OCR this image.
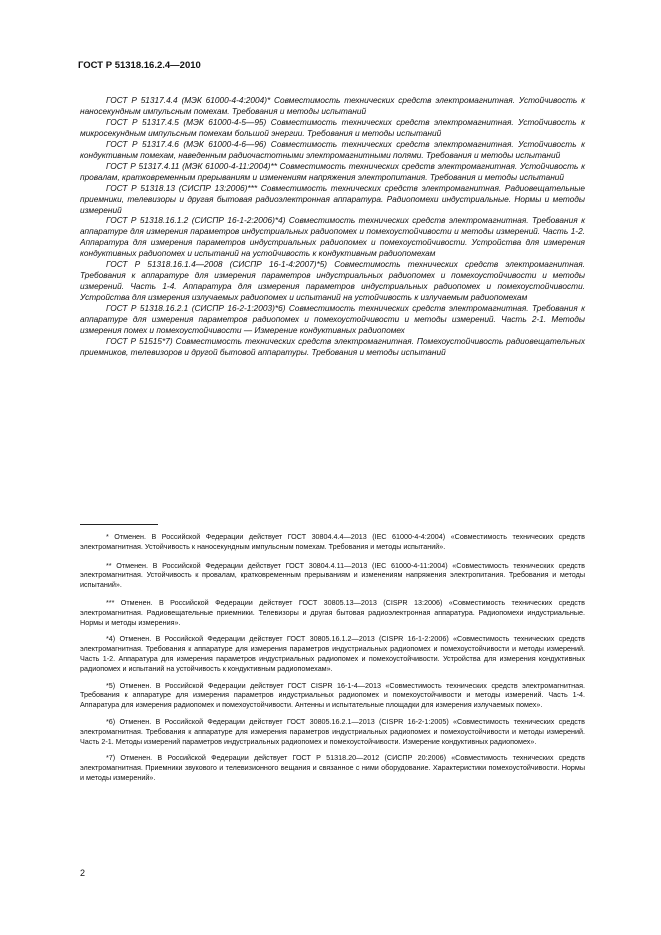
ГОСТ Р 51318.16.2.4—2010

ГОСТ Р 51317.4.4 (МЭК 61000-4-4:2004)* Совместимость технических средств электромагнитная. Устойчивость к наносекундным импульсным помехам. Требования и методы испытаний

ГОСТ Р 51317.4.5 (МЭК 61000-4-5—95) Совместимость технических средств электромагнитная. Устойчивость к микросекундным импульсным помехам большой энергии. Требования и методы испытаний

ГОСТ Р 51317.4.6 (МЭК 61000-4-6—96) Совместимость технических средств электромагнитная. Устойчивость к кондуктивным помехам, наведенным радиочастотными электромагнитными полями. Требования и методы испытаний

ГОСТ Р 51317.4.11 (МЭК 61000-4-11:2004)** Совместимость технических средств электромагнитная. Устойчивость к провалам, кратковременным прерываниям и изменениям напряжения электропитания. Требования и методы испытаний

ГОСТ Р 51318.13 (СИСПР 13:2006)*** Совместимость технических средств электромагнитная. Радиовещательные приемники, телевизоры и другая бытовая радиоэлектронная аппаратура. Радиопомехи индустриальные. Нормы и методы измерений

ГОСТ Р 51318.16.1.2 (СИСПР 16-1-2:2006)*4) Совместимость технических средств электромагнитная. Требования к аппаратуре для измерения параметров индустриальных радиопомех и помехоустойчивости и методы измерений. Часть 1-2. Аппаратура для измерения параметров индустриальных радиопомех и помехоустойчивости. Устройства для измерения кондуктивных радиопомех и испытаний на устойчивость к кондуктивным радиопомехам

ГОСТ Р 51318.16.1.4—2008 (СИСПР 16-1-4:2007)*5) Совместимость технических средств электромагнитная. Требования к аппаратуре для измерения параметров индустриальных радиопомех и помехоустойчивости и методы измерений. Часть 1-4. Аппаратура для измерения параметров индустриальных радиопомех и помехоустойчивости. Устройства для измерения излучаемых радиопомех и испытаний на устойчивость к излучаемым радиопомехам

ГОСТ Р 51318.16.2.1 (СИСПР 16-2-1:2003)*6) Совместимость технических средств электромагнитная. Требования к аппаратуре для измерения параметров радиопомех и помехоустойчивости и методы измерений. Часть 2-1. Методы измерения помех и помехоустойчивости — Измерение кондуктивных радиопомех

ГОСТ Р 51515*7) Совместимость технических средств электромагнитная. Помехоустойчивость радиовещательных приемников, телевизоров и другой бытовой аппаратуры. Требования и методы испытаний

* Отменен. В Российской Федерации действует ГОСТ 30804.4.4—2013 (IEC 61000-4-4:2004) «Совместимость технических средств электромагнитная. Устойчивость к наносекундным импульсным помехам. Требования и методы испытаний».

** Отменен. В Российской Федерации действует ГОСТ 30804.4.11—2013 (IEC 61000-4-11:2004) «Совместимость технических средств электромагнитная. Устойчивость к провалам, кратковременным прерываниям и изменениям напряжения электропитания. Требования и методы испытаний».

*** Отменен. В Российской Федерации действует ГОСТ 30805.13—2013 (CISPR 13:2006) «Совместимость технических средств электромагнитная. Радиовещательные приемники. Телевизоры и другая бытовая радиоэлектронная аппаратура. Радиопомехи индустриальные. Нормы и методы измерения».

*4) Отменен. В Российской Федерации действует ГОСТ 30805.16.1.2—2013 (CISPR 16-1-2:2006) «Совместимость технических средств электромагнитная. Требования к аппаратуре для измерения параметров индустриальных радиопомех и помехоустойчивости и методы измерений. Часть 1-2. Аппаратура для измерения параметров индустриальных радиопомех и помехоустойчивости. Устройства для измерения кондуктивных радиопомех и испытаний на устойчивость к кондуктивным радиопомехам».

*5) Отменен. В Российской Федерации действует ГОСТ CISPR 16-1-4—2013 «Совместимость технических средств электромагнитная. Требования к аппаратуре для измерения параметров индустриальных радиопомех и помехоустойчивости и методы измерений. Часть 1-4. Аппаратура для измерения радиопомех и помехоустойчивости. Антенны и испытательные площадки для измерения излучаемых помех».

*6) Отменен. В Российской Федерации действует ГОСТ 30805.16.2.1—2013 (CISPR 16-2-1:2005) «Совместимость технических средств электромагнитная. Требования к аппаратуре для измерения параметров индустриальных радиопомех и помехоустойчивости и методы измерений. Часть 2-1. Методы измерений параметров индустриальных радиопомех и помехоустойчивости. Измерение кондуктивных радиопомех».

*7) Отменен. В Российской Федерации действует ГОСТ Р 51318.20—2012 (СИСПР 20:2006) «Совместимость технических средств электромагнитная. Приемники звукового и телевизионного вещания и связанное с ними оборудование. Характеристики помехоустойчивости. Нормы и методы измерений».

2
